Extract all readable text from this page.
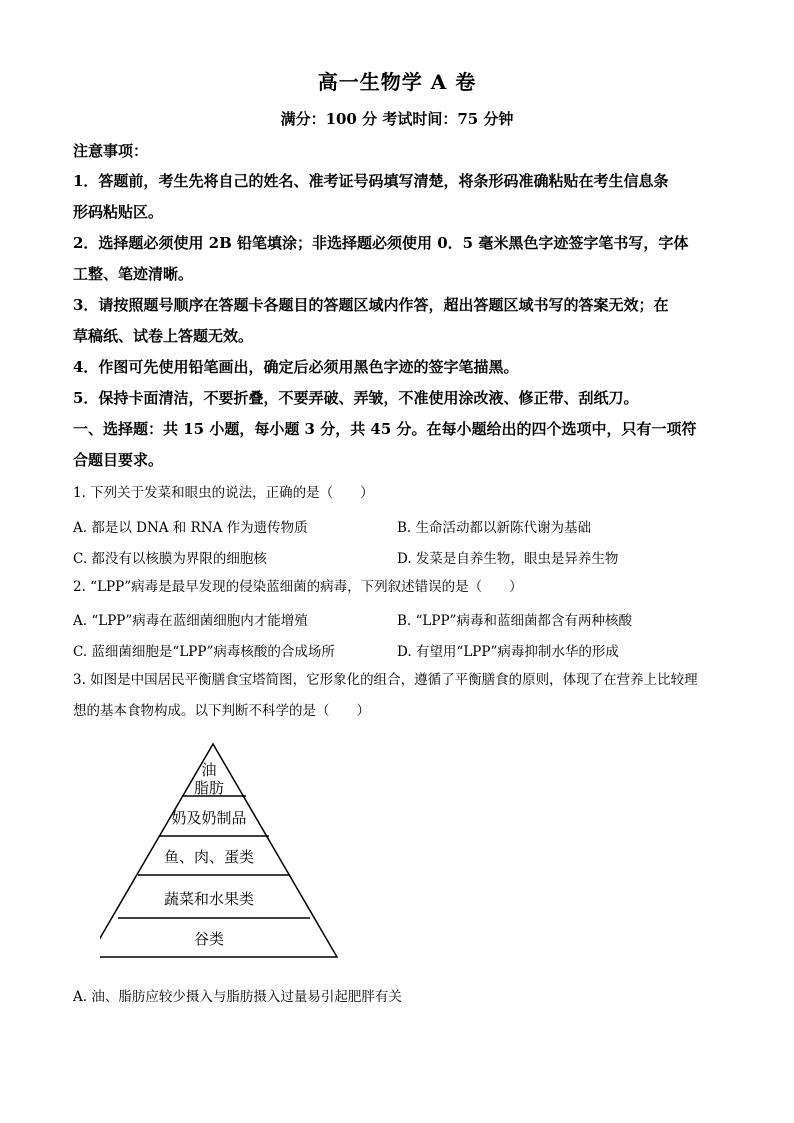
高一生物学 A 卷
满分：100 分 考试时间：75 分钟
注意事项：
1．答题前，考生先将自己的姓名、准考证号码填写清楚，将条形码准确粘贴在考生信息条
形码粘贴区。
2．选择题必须使用 2B 铅笔填涂；非选择题必须使用 0．5 毫米黑色字迹签字笔书写，字体
工整、笔迹清晰。
3．请按照题号顺序在答题卡各题目的答题区域内作答，超出答题区域书写的答案无效；在
草稿纸、试卷上答题无效。
4．作图可先使用铅笔画出，确定后必须用黑色字迹的签字笔描黑。
5．保持卡面清洁，不要折叠，不要弄破、弄皱，不准使用涂改液、修正带、刮纸刀。
一、选择题：共 15 小题，每小题 3 分，共 45 分。在每小题给出的四个选项中，只有一项符
合题目要求。
1. 下列关于发菜和眼虫的说法，正确的是（　　）
A. 都是以 DNA 和 RNA 作为遗传物质	B. 生命活动都以新陈代谢为基础
C. 都没有以核膜为界限的细胞核	D. 发菜是自养生物，眼虫是异养生物
2. “LPP”病毒是最早发现的侵染蓝细菌的病毒，下列叙述错误的是（　　）
A. “LPP”病毒在蓝细菌细胞内才能增殖	B. “LPP”病毒和蓝细菌都含有两种核酸
C. 蓝细菌细胞是“LPP”病毒核酸的合成场所	D. 有望用“LPP”病毒抑制水华的形成
3. 如图是中国居民平衡膳食宝塔简图，它形象化的组合，遵循了平衡膳食的原则，体现了在营养上比较理
想的基本食物构成。以下判断不科学的是（　　）
油
脂肪
奶及奶制品
鱼、肉、蛋类
蔬菜和水果类
谷类
A. 油、脂肪应较少摄入与脂肪摄入过量易引起肥胖有关
